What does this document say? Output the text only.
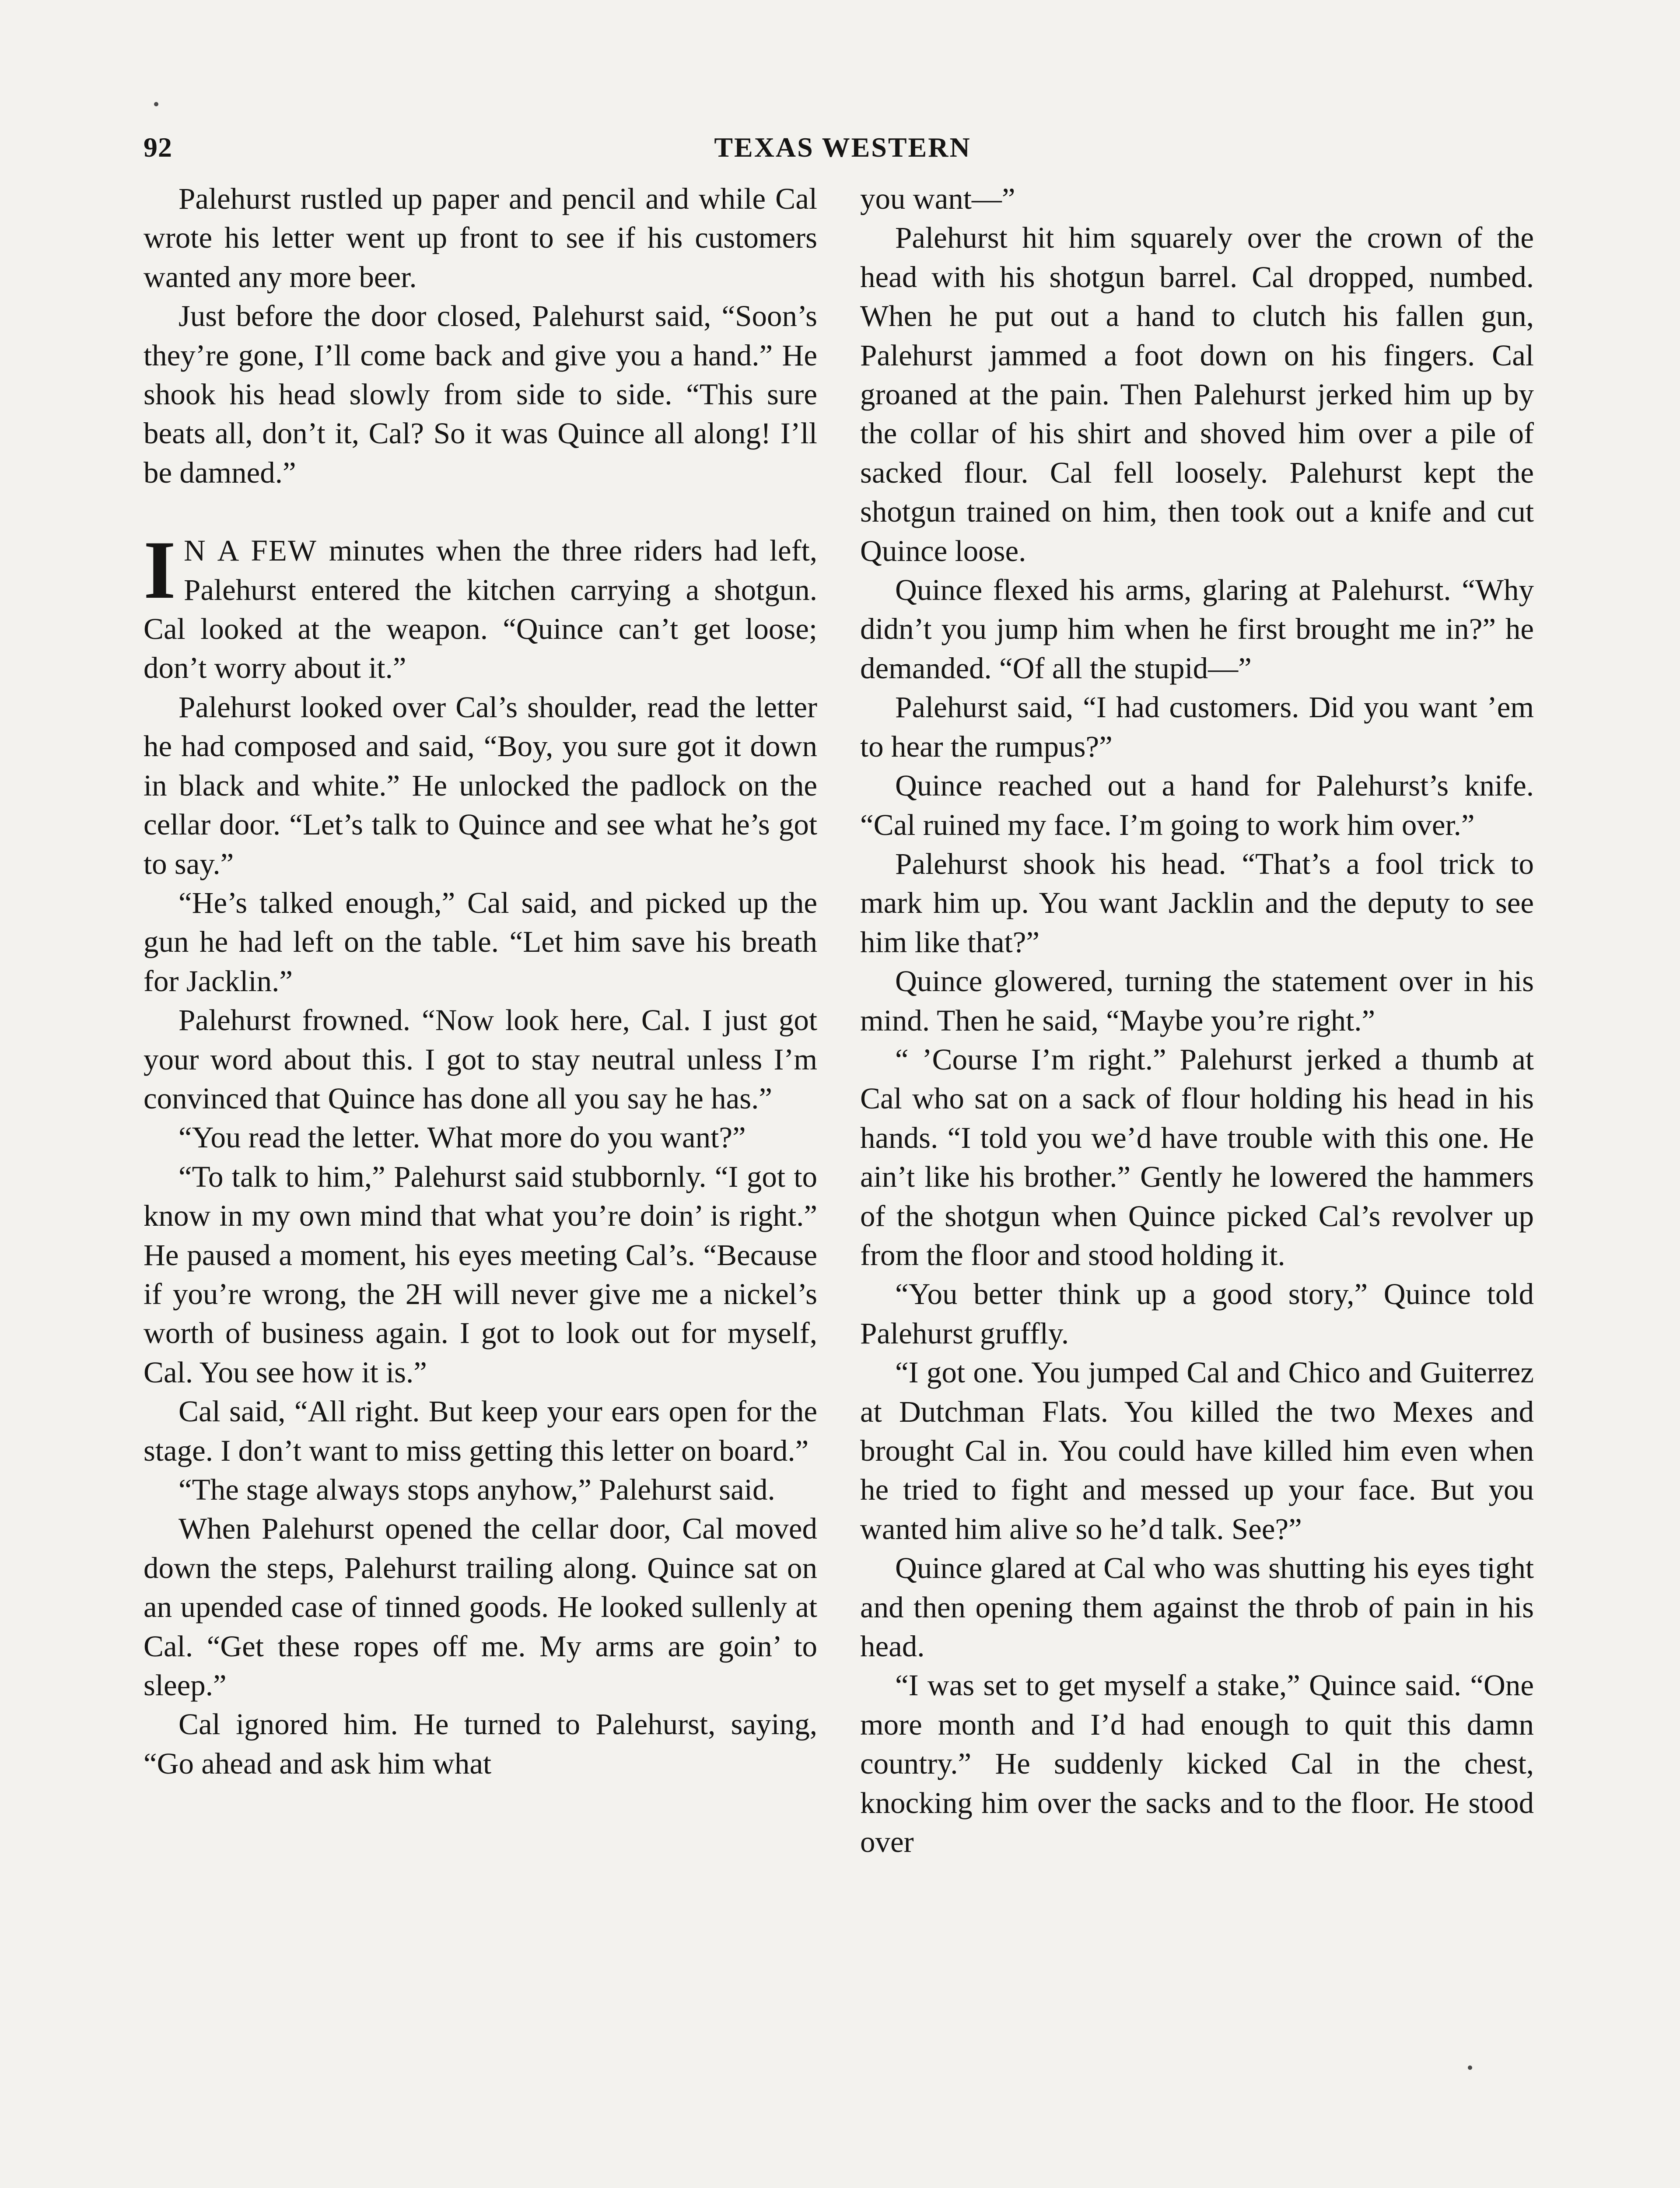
92	TEXAS WESTERN

Palehurst rustled up paper and pencil and while Cal wrote his letter went up front to see if his customers wanted any more beer.

Just before the door closed, Palehurst said, “Soon’s they’re gone, I’ll come back and give you a hand.” He shook his head slowly from side to side. “This sure beats all, don’t it, Cal? So it was Quince all along! I’ll be damned.”

I N A FEW minutes when the three riders had left, Palehurst entered the kitchen carrying a shotgun. Cal looked at the weapon. “Quince can’t get loose; don’t worry about it.”

Palehurst looked over Cal’s shoulder, read the letter he had composed and said, “Boy, you sure got it down in black and white.” He unlocked the padlock on the cellar door. “Let’s talk to Quince and see what he’s got to say.”

“He’s talked enough,” Cal said, and picked up the gun he had left on the table. “Let him save his breath for Jacklin.”

Palehurst frowned. “Now look here, Cal. I just got your word about this. I got to stay neutral unless I’m convinced that Quince has done all you say he has.”

“You read the letter. What more do you want?”

“To talk to him,” Palehurst said stubbornly. “I got to know in my own mind that what you’re doin’ is right.” He paused a moment, his eyes meeting Cal’s. “Because if you’re wrong, the 2H will never give me a nickel’s worth of business again. I got to look out for myself, Cal. You see how it is.”

Cal said, “All right. But keep your ears open for the stage. I don’t want to miss getting this letter on board.”

“The stage always stops anyhow,” Palehurst said.

When Palehurst opened the cellar door, Cal moved down the steps, Palehurst trailing along. Quince sat on an upended case of tinned goods. He looked sullenly at Cal. “Get these ropes off me. My arms are goin’ to sleep.”

Cal ignored him. He turned to Palehurst, saying, “Go ahead and ask him what

you want—”

Palehurst hit him squarely over the crown of the head with his shotgun barrel. Cal dropped, numbed. When he put out a hand to clutch his fallen gun, Palehurst jammed a foot down on his fingers. Cal groaned at the pain. Then Palehurst jerked him up by the collar of his shirt and shoved him over a pile of sacked flour. Cal fell loosely. Palehurst kept the shotgun trained on him, then took out a knife and cut Quince loose.

Quince flexed his arms, glaring at Palehurst. “Why didn’t you jump him when he first brought me in?” he demanded. “Of all the stupid—”

Palehurst said, “I had customers. Did you want ’em to hear the rumpus?”

Quince reached out a hand for Palehurst’s knife. “Cal ruined my face. I’m going to work him over.”

Palehurst shook his head. “That’s a fool trick to mark him up. You want Jacklin and the deputy to see him like that?”

Quince glowered, turning the statement over in his mind. Then he said, “Maybe you’re right.”

“ ’Course I’m right.” Palehurst jerked a thumb at Cal who sat on a sack of flour holding his head in his hands. “I told you we’d have trouble with this one. He ain’t like his brother.” Gently he lowered the hammers of the shotgun when Quince picked Cal’s revolver up from the floor and stood holding it.

“You better think up a good story,” Quince told Palehurst gruffly.

“I got one. You jumped Cal and Chico and Guiterrez at Dutchman Flats. You killed the two Mexes and brought Cal in. You could have killed him even when he tried to fight and messed up your face. But you wanted him alive so he’d talk. See?”

Quince glared at Cal who was shutting his eyes tight and then opening them against the throb of pain in his head.

“I was set to get myself a stake,” Quince said. “One more month and I’d had enough to quit this damn country.” He suddenly kicked Cal in the chest, knocking him over the sacks and to the floor. He stood over
